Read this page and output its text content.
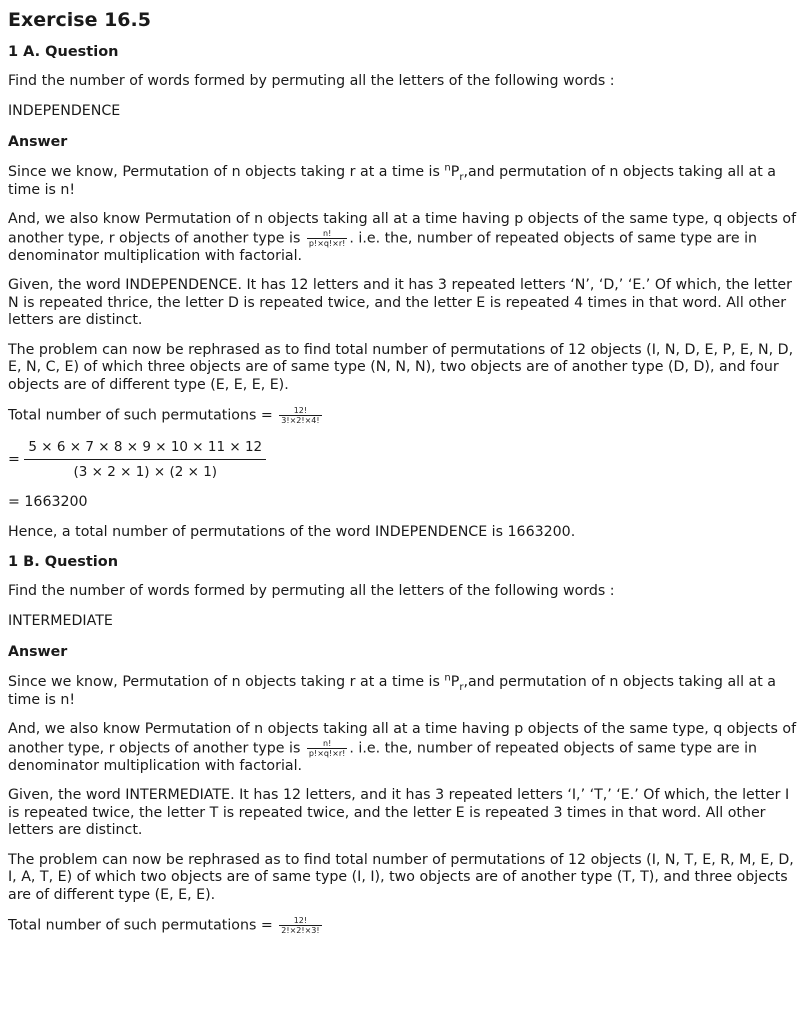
Exercise 16.5
1 A. Question
Find the number of words formed by permuting all the letters of the following words :
INDEPENDENCE
Answer
Since we know, Permutation of n objects taking r at a time is $^nP_r,and$ permutation of n objects taking all at a time is n!
And, we also know Permutation of n objects taking all at a time having p objects of the same type, q objects of another type, r objects of another type is $\frac{n!}{p!\times q!\times r!}$ . i.e. the, number of repeated objects of same type are in denominator multiplication with factorial.
Given, the word INDEPENDENCE. It has 12 letters and it has 3 repeated letters ‘N’, ‘D,’ ‘E.’ Of which, the letter N is repeated thrice, the letter D is repeated twice, and the letter E is repeated 4 times in that word. All other letters are distinct.
The problem can now be rephrased as to find total number of permutations of 12 objects (I, N, D, E, P, E, N, D, E, N, C, E) of which three objects are of same type (N, N, N), two objects are of another type (D, D), and four objects are of different type (E, E, E, E).
Total number of such permutations = $\frac{12!}{3!\times 2!\times 4!}$
= $\frac{5 \times 6 \times 7 \times 8 \times 9 \times 10 \times 11 \times 12}{(3 \times 2 \times 1) \times (2 \times 1)}$
= 1663200
Hence, a total number of permutations of the word INDEPENDENCE is 1663200.
1 B. Question
Find the number of words formed by permuting all the letters of the following words :
INTERMEDIATE
Answer
Since we know, Permutation of n objects taking r at a time is $^nP_r,and$ permutation of n objects taking all at a time is n!
And, we also know Permutation of n objects taking all at a time having p objects of the same type, q objects of another type, r objects of another type is $\frac{n!}{p!\times q!\times r!}$ . i.e. the, number of repeated objects of same type are in denominator multiplication with factorial.
Given, the word INTERMEDIATE. It has 12 letters, and it has 3 repeated letters ‘I,’ ‘T,’ ‘E.’ Of which, the letter I is repeated twice, the letter T is repeated twice, and the letter E is repeated 3 times in that word. All other letters are distinct.
The problem can now be rephrased as to find total number of permutations of 12 objects (I, N, T, E, R, M, E, D, I, A, T, E) of which two objects are of same type (I, I), two objects are of another type (T, T), and three objects are of different type (E, E, E).
Total number of such permutations = $\frac{12!}{2!\times 2!\times 3!}$
